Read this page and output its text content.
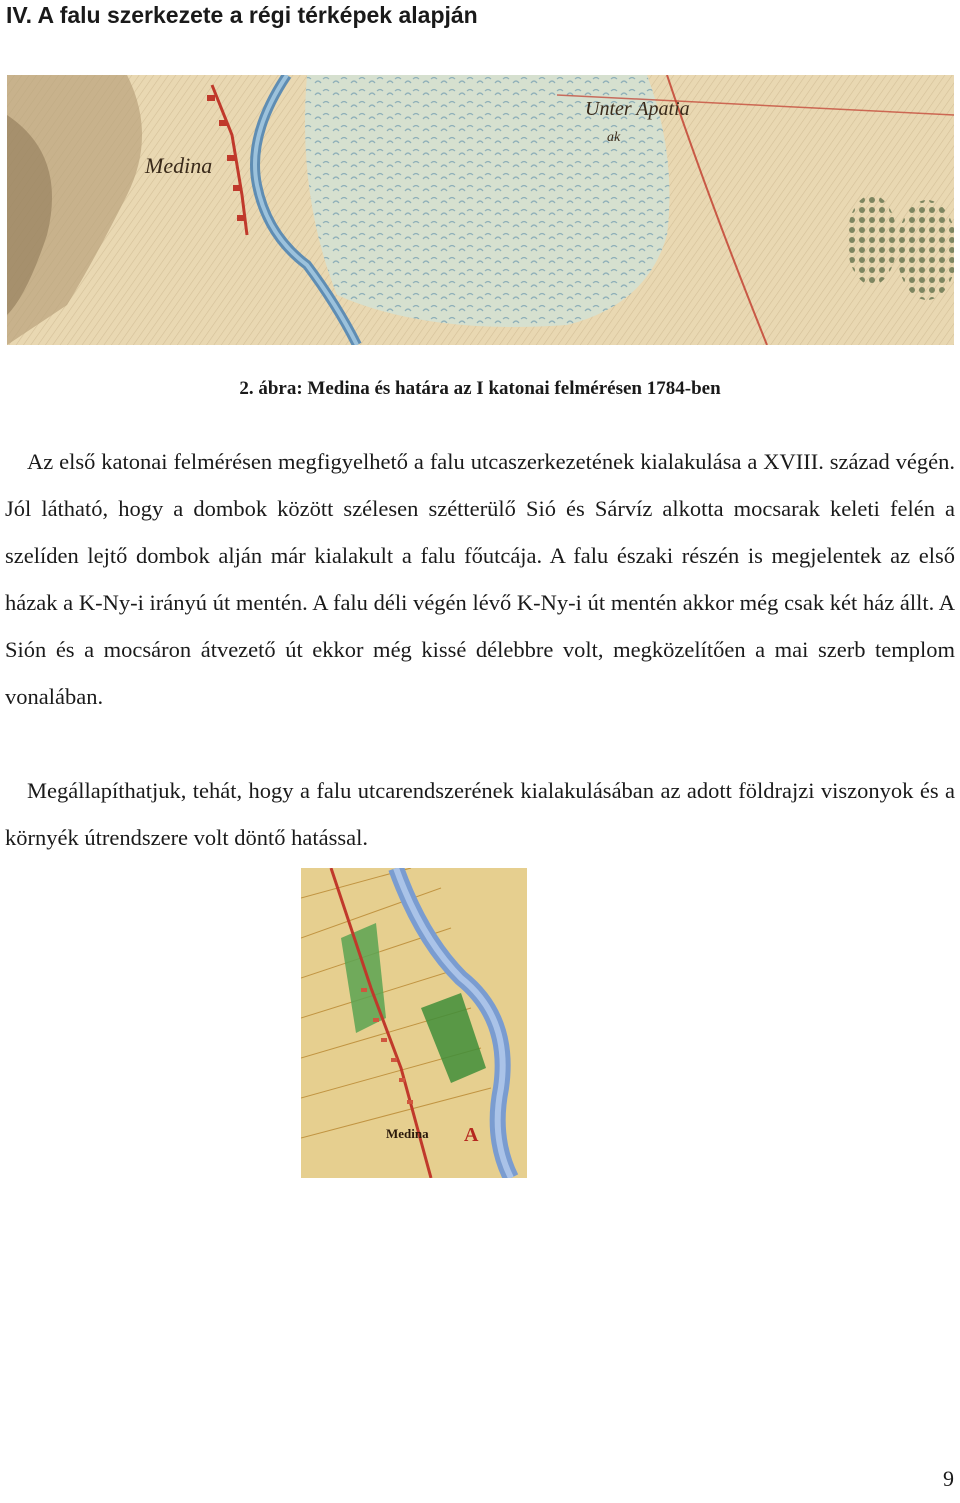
IV. A falu szerkezete a régi térképek alapján
Medina
Unter Apatia
ak

2. ábra: Medina és határa az I katonai felmérésen 1784-ben

Az első katonai felmérésen megfigyelhető a falu utcaszerkezetének kialakulása a XVIII. század végén. Jól látható, hogy a dombok között szélesen szétterülő Sió és Sárvíz alkotta mocsarak keleti felén a szelíden lejtő dombok alján már kialakult a falu főutcája. A falu északi részén is megjelentek az első házak a K-Ny-i irányú út mentén. A falu déli végén lévő K-Ny-i út mentén akkor még csak két ház állt. A Sión és a mocsáron átvezető út ekkor még kissé délebbre volt, megközelítően a mai szerb templom vonalában.

Megállapíthatjuk, tehát, hogy a falu utcarendszerének kialakulásában az adott földrajzi viszonyok és a környék útrendszere volt döntő hatással.

Medina A

9
